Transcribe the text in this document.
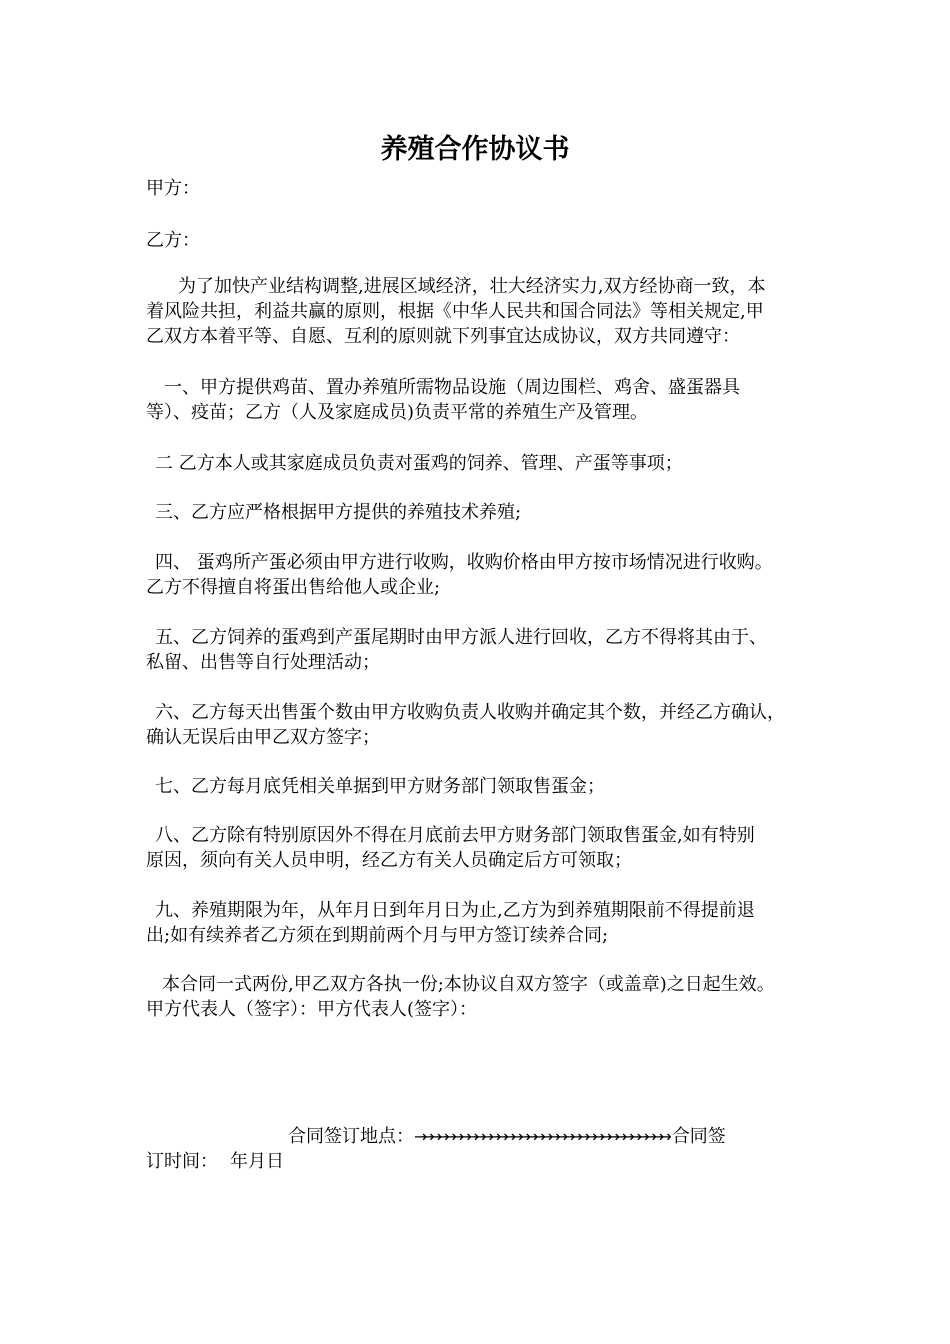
养殖合作协议书
甲方：
乙方：
为了加快产业结构调整,进展区域经济，壮大经济实力,双方经协商一致，本
着风险共担，利益共赢的原则，根据《中华人民共和国合同法》等相关规定,甲
乙双方本着平等、自愿、互利的原则就下列事宜达成协议，双方共同遵守：
一、甲方提供鸡苗、置办养殖所需物品设施（周边围栏、鸡舍、盛蛋器具
等）、疫苗；乙方（人及家庭成员)负责平常的养殖生产及管理。
二 乙方本人或其家庭成员负责对蛋鸡的饲养、管理、产蛋等事项；
三、乙方应严格根据甲方提供的养殖技术养殖;
四、 蛋鸡所产蛋必须由甲方进行收购，收购价格由甲方按市场情况进行收购。
乙方不得擅自将蛋出售给他人或企业;
五、乙方饲养的蛋鸡到产蛋尾期时由甲方派人进行回收，乙方不得将其由于、
私留、出售等自行处理活动；
六、乙方每天出售蛋个数由甲方收购负责人收购并确定其个数，并经乙方确认，
确认无误后由甲乙双方签字；
七、乙方每月底凭相关单据到甲方财务部门领取售蛋金；
八、乙方除有特别原因外不得在月底前去甲方财务部门领取售蛋金,如有特别
原因，须向有关人员申明，经乙方有关人员确定后方可领取；
九、养殖期限为年，从年月日到年月日为止,乙方为到养殖期限前不得提前退
出;如有续养者乙方须在到期前两个月与甲方签订续养合同;
本合同一式两份,甲乙双方各执一份;本协议自双方签字（或盖章)之日起生效。
甲方代表人（签字）：甲方代表人(签字）：
合同签订地点：→→→→→→→→→→→→→→→→→→→→→→→→→→→→→→→→→→ 合同签
订时间： 年月日
